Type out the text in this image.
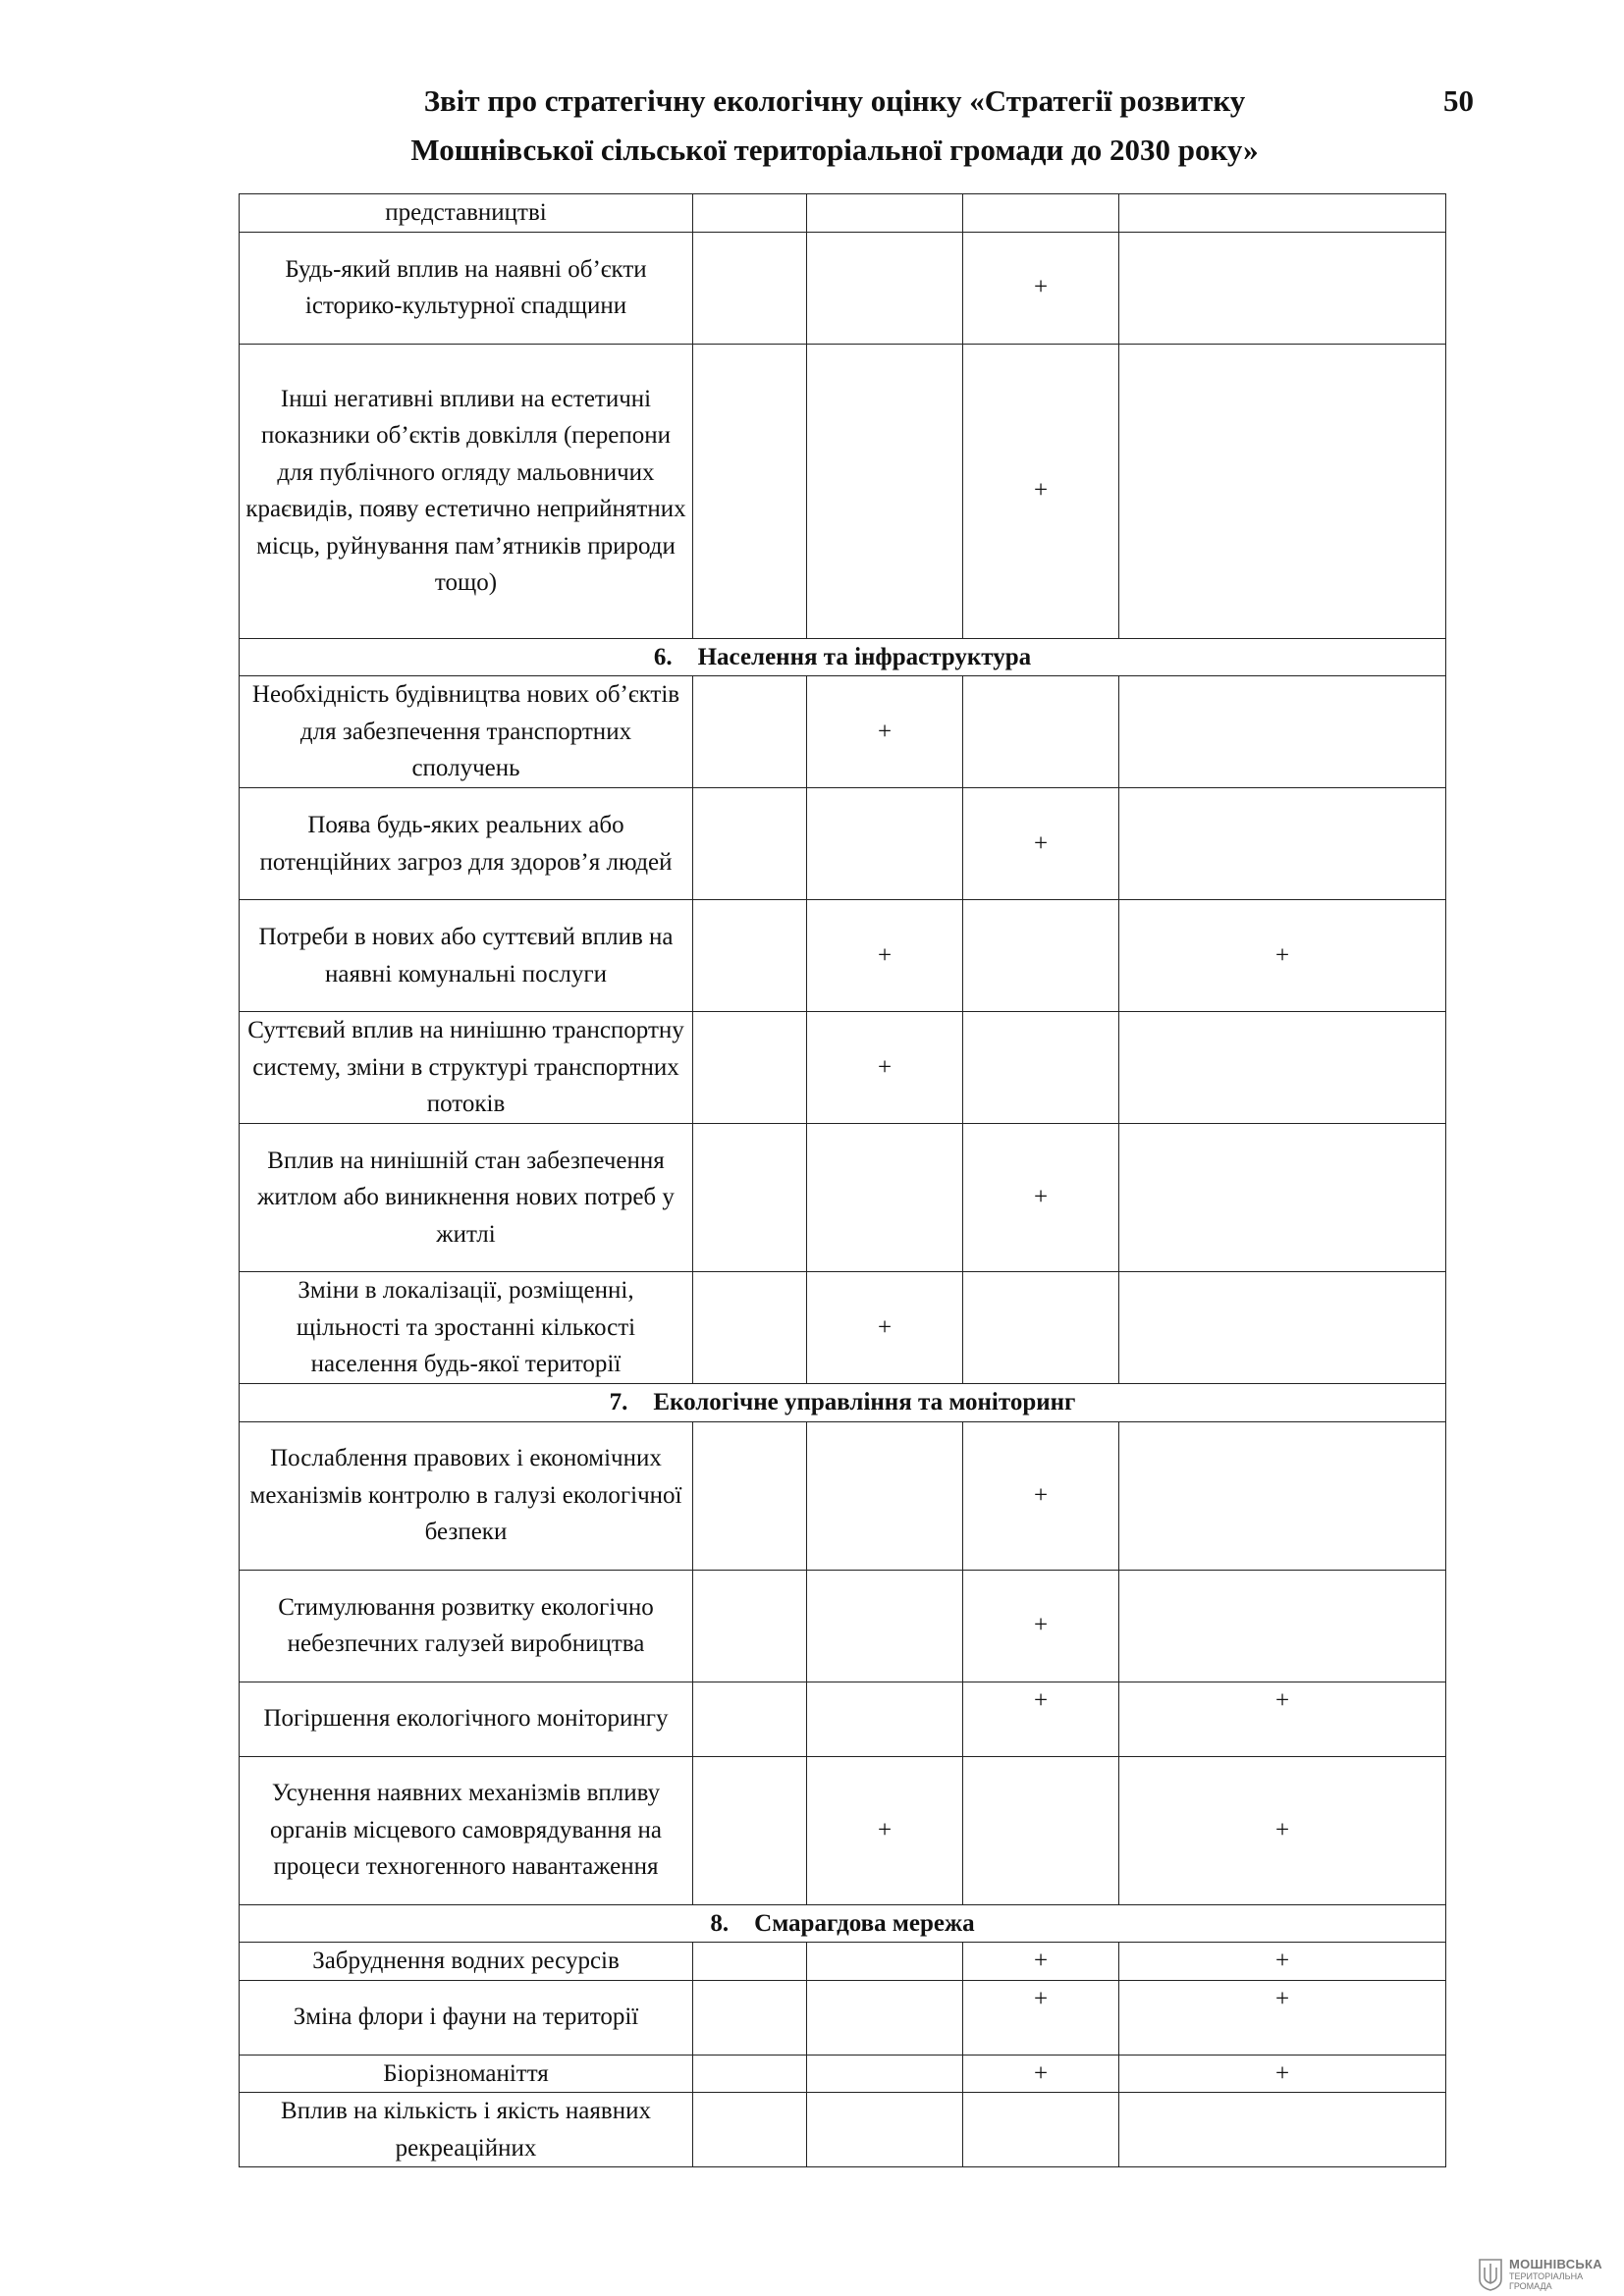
Звіт про стратегічну екологічну оцінку «Стратегії розвитку
Мошнівської сільської територіальної громади до 2030 року»
50
представництві				
Будь-який вплив на наявні об’єкти історико-культурної спадщини			+	
Інші негативні впливи на естетичні показники об’єктів довкілля (перепони для публічного огляду мальовничих краєвидів, появу естетично неприйнятних місць, руйнування пам’ятників природи тощо)			+	
6. Населення та інфраструктура				
Необхідність будівництва нових об’єктів для забезпечення транспортних сполучень		+		
Поява будь-яких реальних або потенційних загроз для здоров’я людей			+	
Потреби в нових або суттєвий вплив на наявні комунальні послуги		+		+
Суттєвий вплив на нинішню транспортну систему, зміни в структурі транспортних потоків		+		
Вплив на нинішній стан забезпечення житлом або виникнення нових потреб у житлі			+	
Зміни в локалізації, розміщенні, щільності та зростанні кількості населення будь-якої території		+		
7. Екологічне управління та моніторинг				
Послаблення правових і економічних механізмів контролю в галузі екологічної безпеки			+	
Стимулювання розвитку екологічно небезпечних галузей виробництва			+	
Погіршення екологічного моніторингу			+	+
Усунення наявних механізмів впливу органів місцевого самоврядування на процеси техногенного навантаження		+		+
8. Смарагдова мережа				
Забруднення водних ресурсів			+	+
Зміна флори і фауни на території			+	+
Біорізноманіття			+	+
Вплив на кількість і якість наявних рекреаційних				
МОШНІВСЬКА
ТЕРИТОРІАЛЬНА
ГРОМАДА
